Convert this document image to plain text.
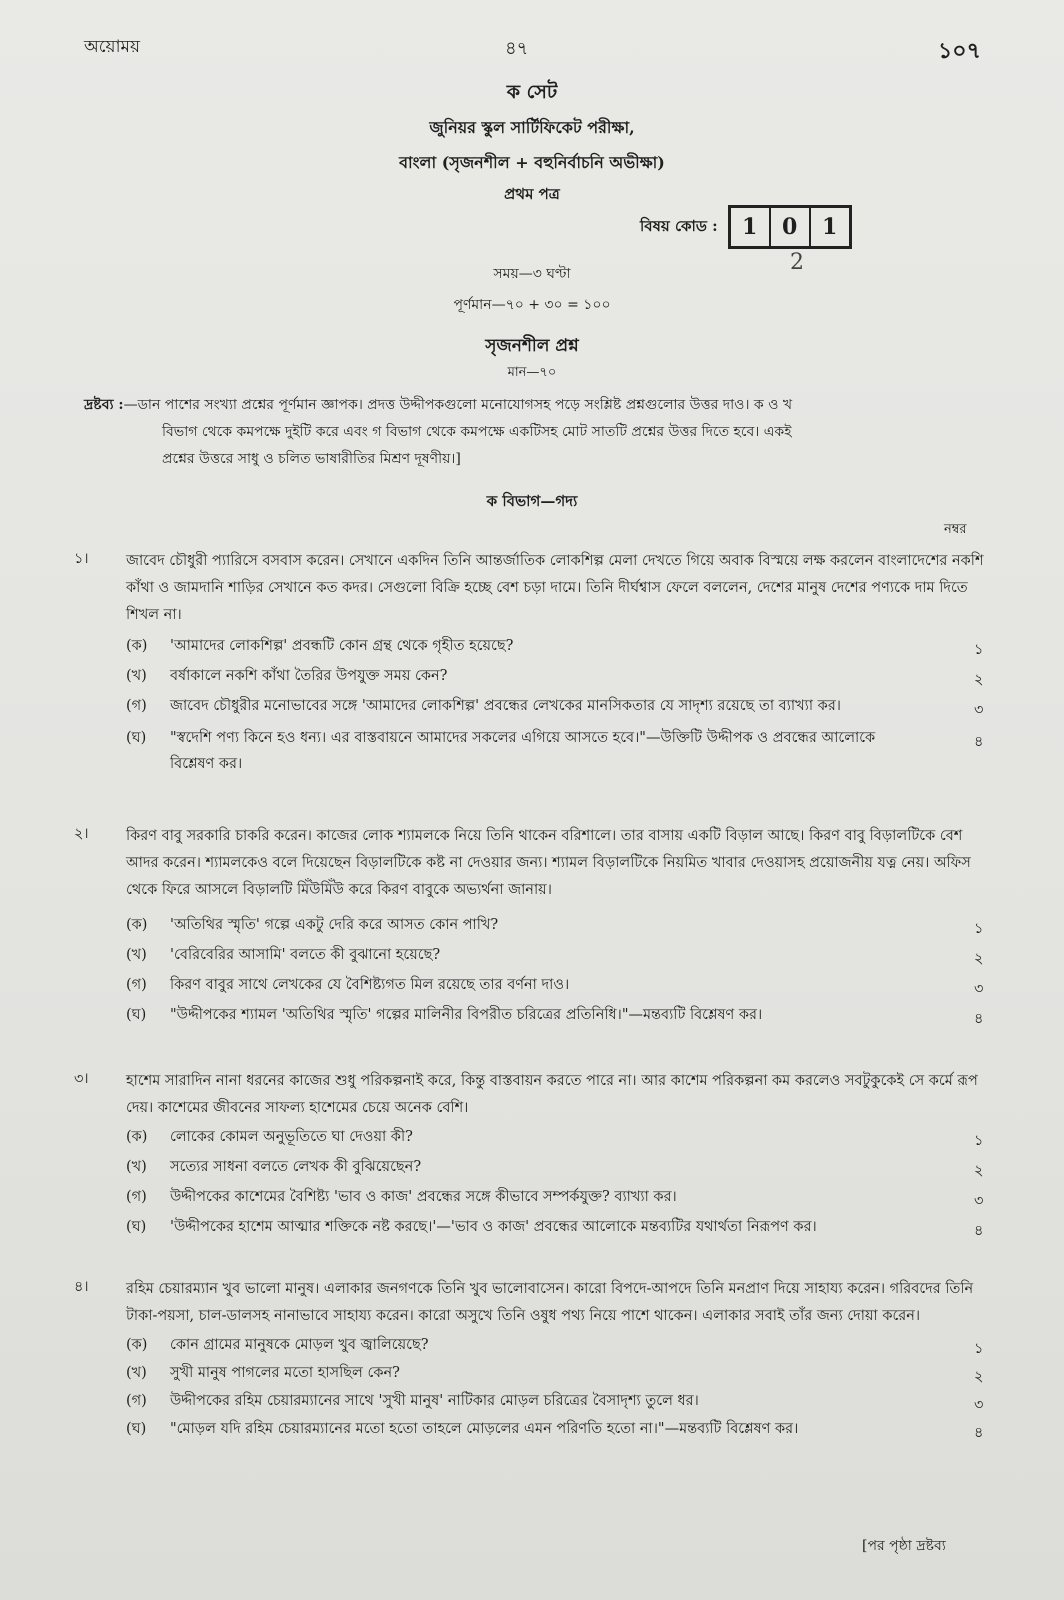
অয়োময়	৪৭	১০৭
ক সেট
জুনিয়র স্কুল সার্টিফিকেট পরীক্ষা,
বাংলা (সৃজনশীল + বহুনির্বাচনি অভীক্ষা)
প্রথম পত্র
বিষয় কোড :	1	0	1
2
সময়—৩ ঘণ্টা
পূর্ণমান—৭০ + ৩০ = ১০০
সৃজনশীল প্রশ্ন
মান—৭০
দ্রষ্টব্য :—ডান পাশের সংখ্যা প্রশ্নের পূর্ণমান জ্ঞাপক। প্রদত্ত উদ্দীপকগুলো মনোযোগসহ পড়ে সংশ্লিষ্ট প্রশ্নগুলোর উত্তর দাও। ক ও খ
বিভাগ থেকে কমপক্ষে দুইটি করে এবং গ বিভাগ থেকে কমপক্ষে একটিসহ মোট সাতটি প্রশ্নের উত্তর দিতে হবে। একই
প্রশ্নের উত্তরে সাধু ও চলিত ভাষারীতির মিশ্রণ দূষণীয়।]
ক বিভাগ—গদ্য
নম্বর
১।	জাবেদ চৌধুরী প্যারিসে বসবাস করেন। সেখানে একদিন তিনি আন্তর্জাতিক লোকশিল্প মেলা দেখতে গিয়ে অবাক বিস্ময়ে লক্ষ করলেন বাংলাদেশের নকশি কাঁথা ও জামদানি শাড়ির সেখানে কত কদর। সেগুলো বিক্রি হচ্ছে বেশ চড়া দামে। তিনি দীর্ঘশ্বাস ফেলে বললেন, দেশের মানুষ দেশের পণ্যকে দাম দিতে শিখল না।
(ক) 'আমাদের লোকশিল্প' প্রবন্ধটি কোন গ্রন্থ থেকে গৃহীত হয়েছে?	১
(খ) বর্ষাকালে নকশি কাঁথা তৈরির উপযুক্ত সময় কেন?	২
(গ) জাবেদ চৌধুরীর মনোভাবের সঙ্গে 'আমাদের লোকশিল্প' প্রবন্ধের লেখকের মানসিকতার যে সাদৃশ্য রয়েছে তা ব্যাখ্যা কর।	৩
(ঘ) "স্বদেশি পণ্য কিনে হও ধন্য। এর বাস্তবায়নে আমাদের সকলের এগিয়ে আসতে হবে।"—উক্তিটি উদ্দীপক ও প্রবন্ধের আলোকে বিশ্লেষণ কর।
৪
২।	কিরণ বাবু সরকারি চাকরি করেন। কাজের লোক শ্যামলকে নিয়ে তিনি থাকেন বরিশালে। তার বাসায় একটি বিড়াল আছে। কিরণ বাবু বিড়ালটিকে বেশ আদর করেন। শ্যামলকেও বলে দিয়েছেন বিড়ালটিকে কষ্ট না দেওয়ার জন্য। শ্যামল বিড়ালটিকে নিয়মিত খাবার দেওয়াসহ প্রয়োজনীয় যত্ন নেয়। অফিস থেকে ফিরে আসলে বিড়ালটি মিঁউমিঁউ করে কিরণ বাবুকে অভ্যর্থনা জানায়।
(ক) 'অতিথির স্মৃতি' গল্পে একটু দেরি করে আসত কোন পাখি?	১
(খ) 'বেরিবেরির আসামি' বলতে কী বুঝানো হয়েছে?	২
(গ) কিরণ বাবুর সাথে লেখকের যে বৈশিষ্ট্যগত মিল রয়েছে তার বর্ণনা দাও।	৩
(ঘ) "উদ্দীপকের শ্যামল 'অতিথির স্মৃতি' গল্পের মালিনীর বিপরীত চরিত্রের প্রতিনিধি।"—মন্তব্যটি বিশ্লেষণ কর।	৪
৩।	হাশেম সারাদিন নানা ধরনের কাজের শুধু পরিকল্পনাই করে, কিন্তু বাস্তবায়ন করতে পারে না। আর কাশেম পরিকল্পনা কম করলেও সবটুকুকেই সে কর্মে রূপ দেয়। কাশেমের জীবনের সাফল্য হাশেমের চেয়ে অনেক বেশি।
(ক) লোকের কোমল অনুভূতিতে ঘা দেওয়া কী?	১
(খ) সত্যের সাধনা বলতে লেখক কী বুঝিয়েছেন?	২
(গ) উদ্দীপকের কাশেমের বৈশিষ্ট্য 'ভাব ও কাজ' প্রবন্ধের সঙ্গে কীভাবে সম্পর্কযুক্ত? ব্যাখ্যা কর।	৩
(ঘ) 'উদ্দীপকের হাশেম আত্মার শক্তিকে নষ্ট করছে।'—'ভাব ও কাজ' প্রবন্ধের আলোকে মন্তব্যটির যথার্থতা নিরূপণ কর।	৪
৪।	রহিম চেয়ারম্যান খুব ভালো মানুষ। এলাকার জনগণকে তিনি খুব ভালোবাসেন। কারো বিপদে-আপদে তিনি মনপ্রাণ দিয়ে সাহায্য করেন। গরিবদের তিনি টাকা-পয়সা, চাল-ডালসহ নানাভাবে সাহায্য করেন। কারো অসুখে তিনি ওষুধ পথ্য নিয়ে পাশে থাকেন। এলাকার সবাই তাঁর জন্য দোয়া করেন।
(ক) কোন গ্রামের মানুষকে মোড়ল খুব জ্বালিয়েছে?	১
(খ) সুখী মানুষ পাগলের মতো হাসছিল কেন?	২
(গ) উদ্দীপকের রহিম চেয়ারম্যানের সাথে 'সুখী মানুষ' নাটিকার মোড়ল চরিত্রের বৈসাদৃশ্য তুলে ধর।	৩
(ঘ) "মোড়ল যদি রহিম চেয়ারম্যানের মতো হতো তাহলে মোড়লের এমন পরিণতি হতো না।"—মন্তব্যটি বিশ্লেষণ কর।	৪
[পর পৃষ্ঠা দ্রষ্টব্য
